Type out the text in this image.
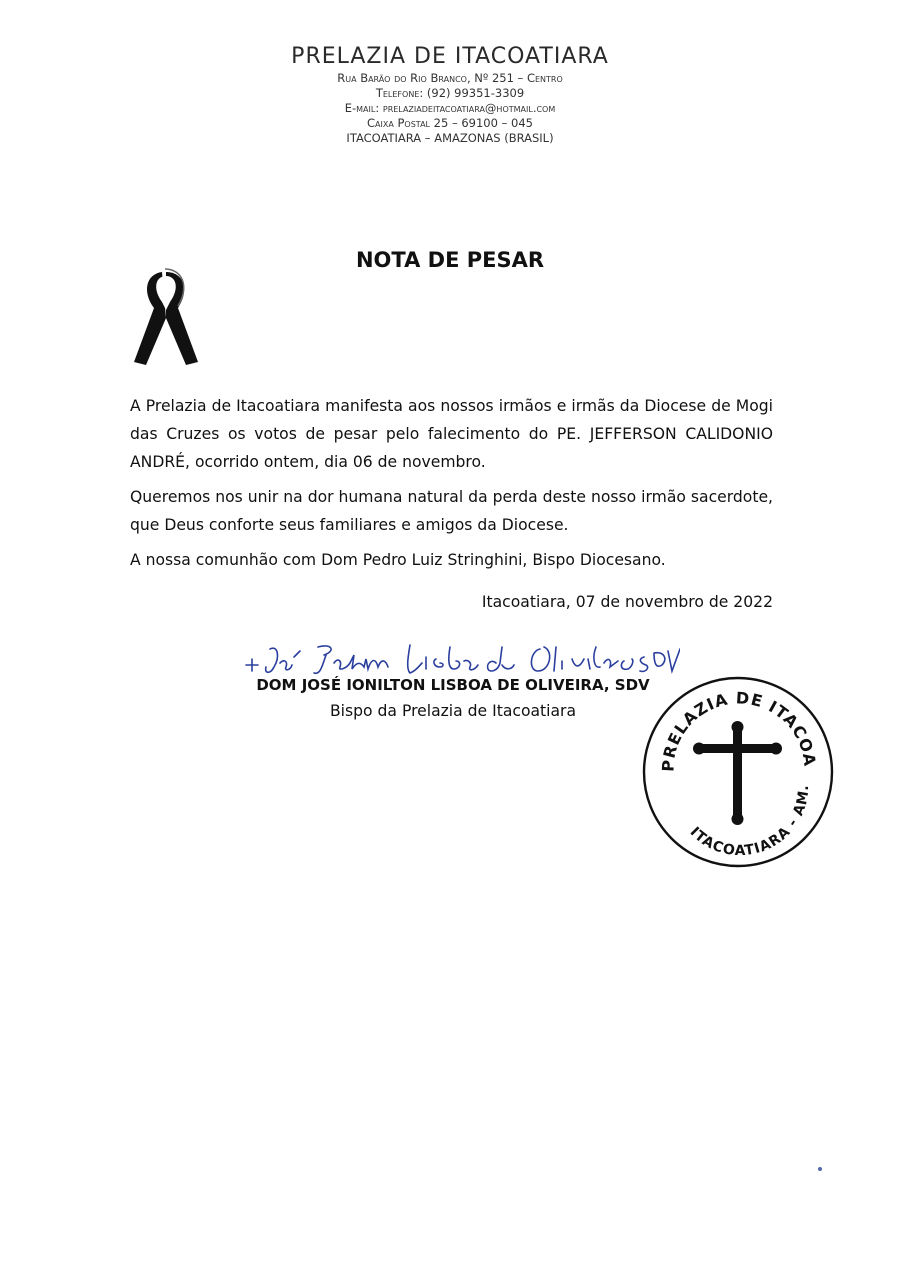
PRELAZIA DE ITACOATIARA

Rua Barão do Rio Branco, Nº 251 – Centro

Telefone: (92) 99351-3309

E-mail: prelaziadeitacoatiara@hotmail.com

Caixa Postal 25 – 69100 – 045

ITACOATIARA – AMAZONAS (BRASIL)

NOTA DE PESAR

A Prelazia de Itacoatiara manifesta aos nossos irmãos e irmãs da Diocese de Mogi das Cruzes os votos de pesar pelo falecimento do PE. JEFFERSON CALIDONIO ANDRÉ, ocorrido ontem, dia 06 de novembro.

Queremos nos unir na dor humana natural da perda deste nosso irmão sacerdote, que Deus conforte seus familiares e amigos da Diocese.

A nossa comunhão com Dom Pedro Luiz Stringhini, Bispo Diocesano.

Itacoatiara, 07 de novembro de 2022

DOM JOSÉ IONILTON LISBOA DE OLIVEIRA, SDV

Bispo da Prelazia de Itacoatiara

PRELAZIA DE ITACOA
ITACOATIARA - AM.
